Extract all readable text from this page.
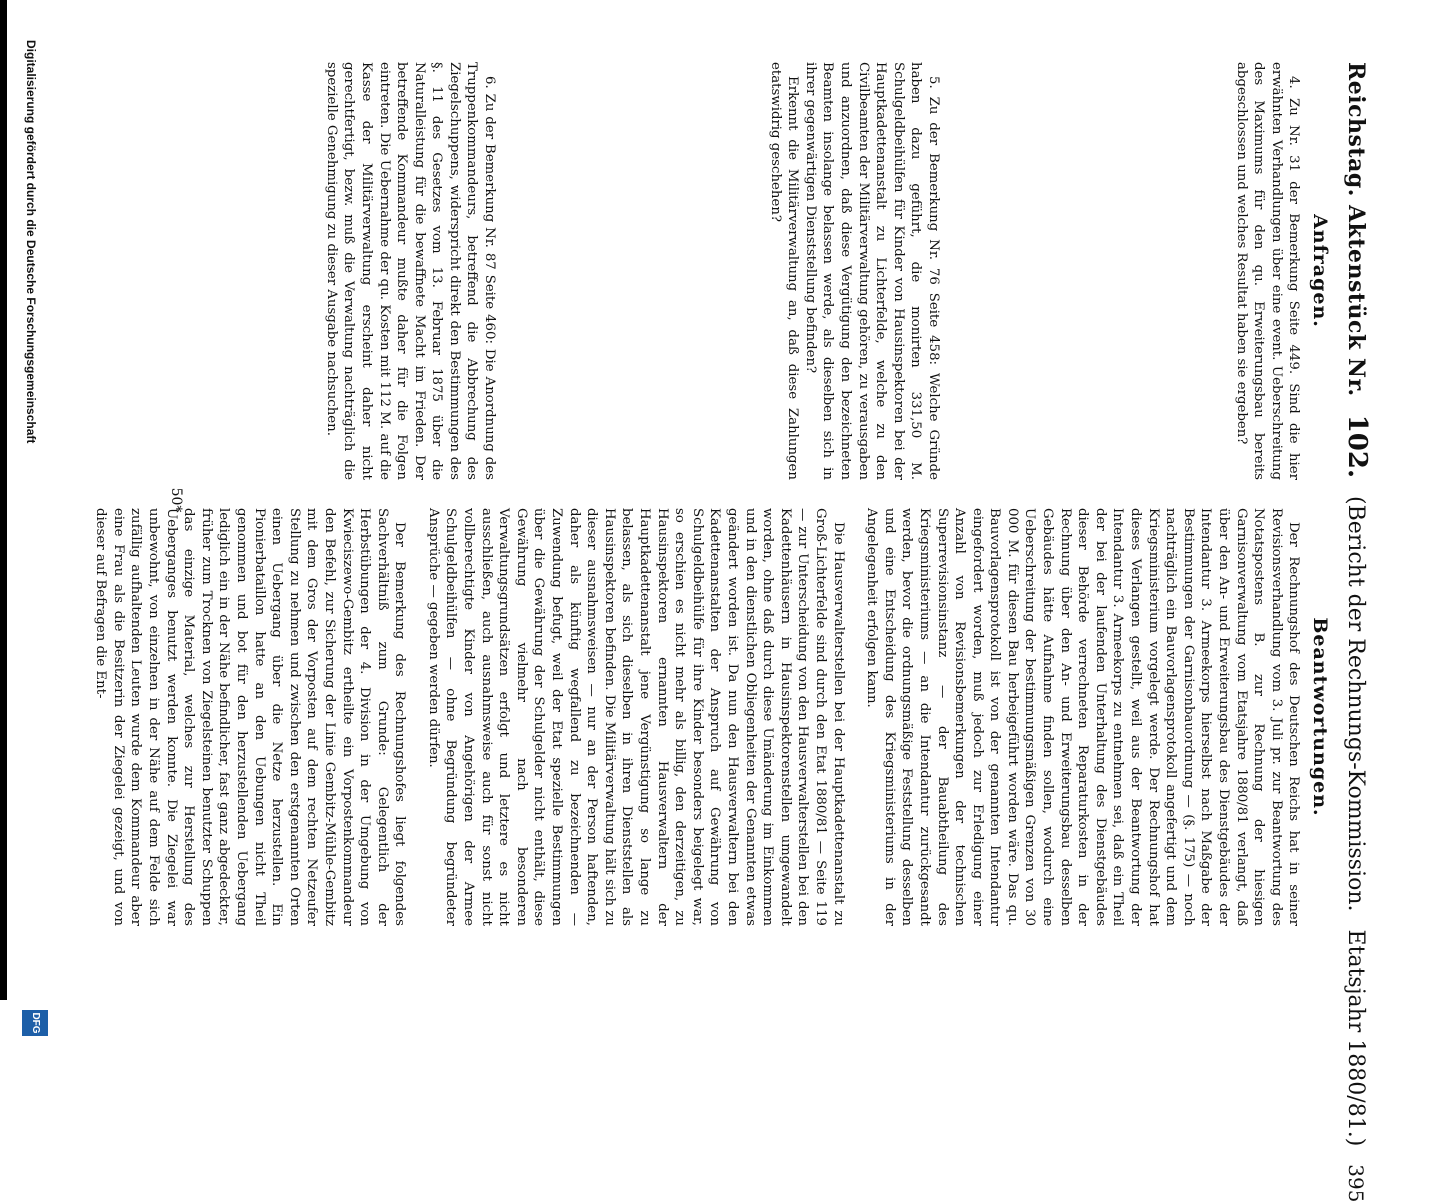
Reichstag. Aktenstück Nr.
102.
(Bericht der Rechnungs-Kommission.
Etatsjahr 1880/81.)
395
Anfragen.

4. Zu Nr. 31 der Bemerkung Seite 449. Sind die hier erwähnten Verhandlungen über eine event. Ueberschreitung des Maximums für den qu. Erweiterungsbau bereits abgeschlossen und welches Resultat haben sie ergeben?

5. Zu der Bemerkung Nr. 76 Seite 458: Welche Gründe haben dazu geführt, die monirten 331,50 M. Schulgeldbeihülfen für Kinder von Hausinspektoren bei der Hauptkadettenanstalt zu Lichterfelde, welche zu den Civilbeamten der Militärverwaltung gehören, zu verausgaben und anzuordnen, daß diese Vergütigung den bezeichneten Beamten insolange belassen werde, als dieselben sich in ihrer gegenwärtigen Dienststellung befinden?

Erkennt die Militärverwaltung an, daß diese Zahlungen etatswidrig geschehen?

6. Zu der Bemerkung Nr. 87 Seite 460: Die Anordnung des Truppenkommandeurs, betreffend die Abbrechung des Ziegelschuppens, widerspricht direkt den Bestimmungen des §. 11 des Gesetzes vom 13. Februar 1875 über die Naturalleistung für die bewaffnete Macht im Frieden. Der betreffende Kommandeur mußte daher für die Folgen eintreten. Die Uebernahme der qu. Kosten mit 112 M. auf die Kasse der Militärverwaltung erscheint daher nicht gerechtfertigt, bezw. muß die Verwaltung nachträglich die spezielle Genehmigung zu dieser Ausgabe nachsuchen.

Beantwortungen.

Der Rechnungshof des Deutschen Reichs hat in seiner Revisionsverhandlung vom 3. Juli pr. zur Beantwortung des Notatspostens B. zur Rechnung der hiesigen Garnisonverwaltung vom Etatsjahre 1880/81 verlangt, daß über den An- und Erweiterungsbau des Dienstgebäudes der Intendantur 3. Armeekorps hierselbst nach Maßgabe der Bestimmungen der Garnisonbauordnung — (§. 175) — noch nachträglich ein Bauvorlagensprotokoll angefertigt und dem Kriegsministerium vorgelegt werde. Der Rechnungshof hat dieses Verlangen gestellt, weil aus der Beantwortung der Intendantur 3. Armeekorps zu entnehmen sei, daß ein Theil der bei der laufenden Unterhaltung des Dienstgebäudes dieser Behörde verrechneten Reparaturkosten in der Rechnung über den An- und Erweiterungsbau desselben Gebäudes hätte Aufnahme finden sollen, wodurch eine Ueberschreitung der bestimmungsmäßigen Grenzen von 30 000 M. für diesen Bau herbeigeführt worden wäre. Das qu. Bauvorlagensprotokoll ist von der genannten Intendantur eingefordert worden, muß jedoch zur Erledigung einer Anzahl von Revisionsbemerkungen der technischen Superrevisionsinstanz — der Bauabtheilung des Kriegsministeriums — an die Intendantur zurückgesandt werden, bevor die ordnungsmäßige Feststellung desselben und eine Entscheidung des Kriegsministeriums in der Angelegenheit erfolgen kann.

Die Hausverwalterstellen bei der Hauptkadettenanstalt zu Groß-Lichterfelde sind durch den Etat 1880/81 — Seite 119 — zur Unterscheidung von den Hausverwalterstellen bei den Kadettenhäusern in Hausinspektorenstellen umgewandelt worden, ohne daß durch diese Umänderung im Einkommen und in den dienstlichen Obliegenheiten der Genannten etwas geändert worden ist. Da nun den Hausverwaltern bei den Kadettenanstalten der Anspruch auf Gewährung von Schulgeldbeihülfe für ihre Kinder besonders beigelegt war, so erschien es nicht mehr als billig, den derzeitigen, zu Hausinspektoren ernannten Hausverwaltern der Hauptkadettenanstalt jene Vergünstigung so lange zu belassen, als sich dieselben in ihren Dienststellen als Hausinspektoren befinden. Die Militärverwaltung hält sich zu dieser ausnahmsweisen — nur an der Person haftenden, daher als künftig wegfallend zu bezeichnenden — Zuwendung befugt, weil der Etat spezielle Bestimmungen über die Gewährung der Schulgelder nicht enthält, diese Gewährung vielmehr nach besonderen Verwaltungsgrundsätzen erfolgt und letztere es nicht ausschließen, auch ausnahmsweise auch für sonst nicht vollberechtigte Kinder von Angehörigen der Armee Schulgeldbeihülfen — ohne Begründung begründeter Ansprüche — gegeben werden dürfen.

Der Bemerkung des Rechnungshofes liegt folgendes Sachverhältniß zum Grunde: Gelegentlich der Herbstübungen der 4. Division in der Umgebung von Kwieciszewo-Gembitz ertheilte ein Vorpostenkommandeur den Befehl, zur Sicherung der Linie Gembitz-Mühle-Gembitz mit dem Gros der Vorposten auf dem rechten Netzeufer Stellung zu nehmen und zwischen den erstgenannten Orten einen Uebergang über die Netze herzustellen. Ein Pionierbataillon hatte an den Uebungen nicht Theil genommen und bot für den herzustellenden Uebergang lediglich ein in der Nähe befindlicher, fast ganz abgedeckter, früher zum Trocknen von Ziegelsteinen benutzter Schuppen das einzige Material, welches zur Herstellung des Ueberganges benutzt werden konnte. Die Ziegelei war unbewohnt, von einzelnen in der Nähe auf dem Felde sich zufällig aufhaltenden Leuten wurde dem Kommandeur aber eine Frau als die Besitzerin der Ziegelei gezeigt, und von dieser auf Befragen die Ent-

50*
Digitalisierung gefördert durch die Deutsche Forschungsgemeinschaft
DFG
